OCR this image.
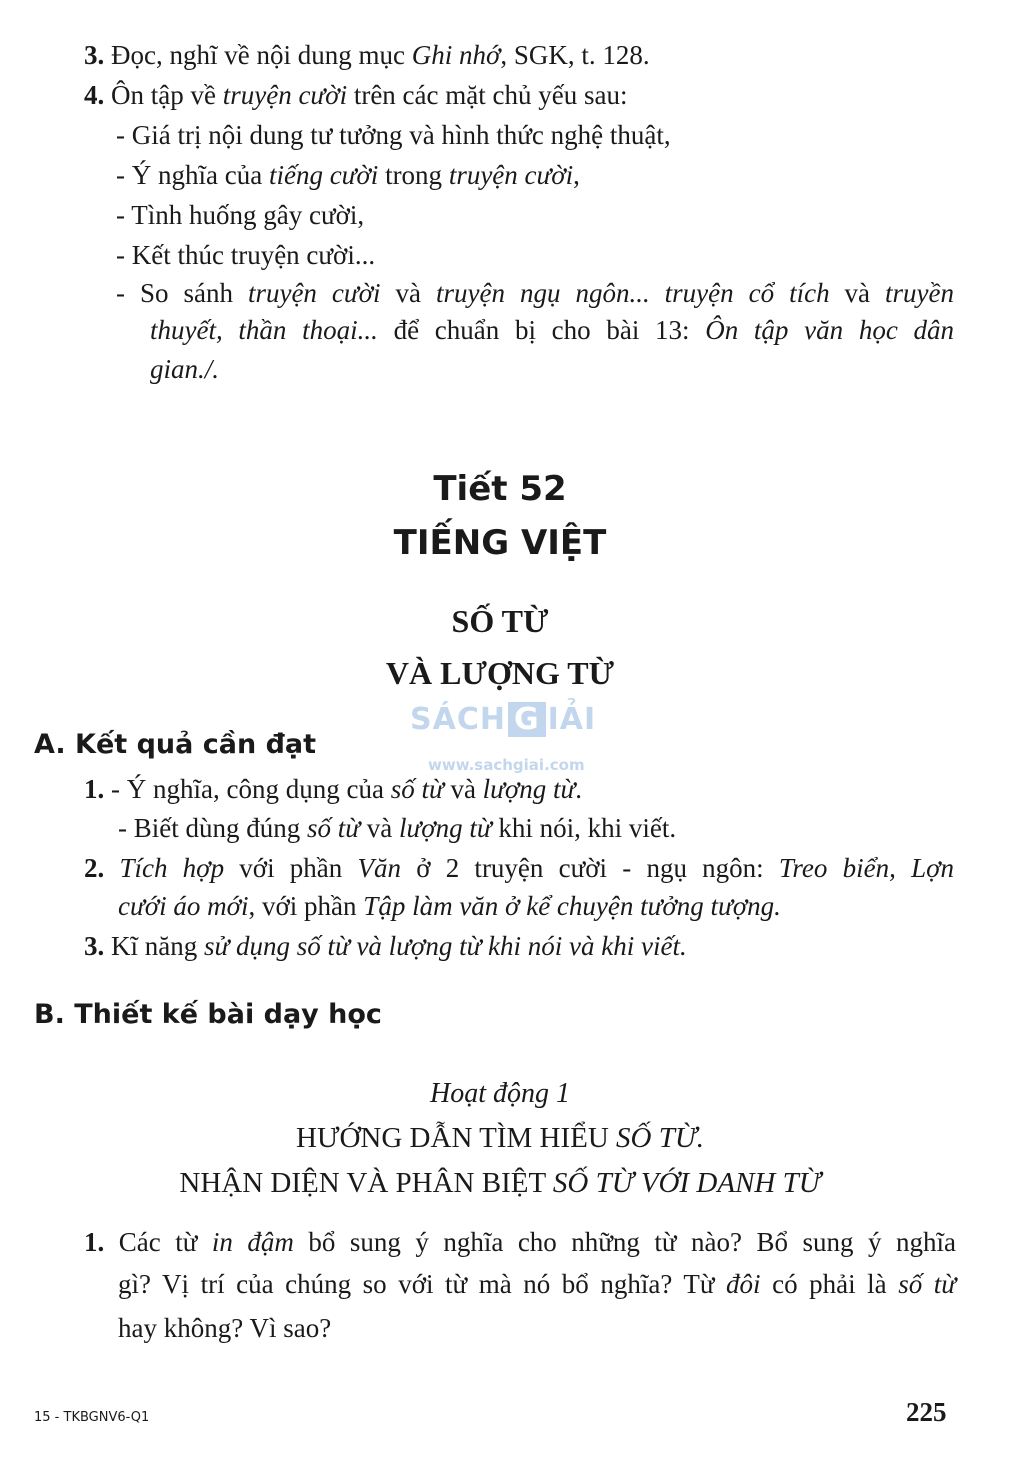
3. Đọc, nghĩ về nội dung mục Ghi nhớ, SGK, t. 128.
4. Ôn tập về truyện cười trên các mặt chủ yếu sau:
- Giá trị nội dung tư tưởng và hình thức nghệ thuật,
- Ý nghĩa của tiếng cười trong truyện cười,
- Tình huống gây cười,
- Kết thúc truyện cười...
- So sánh truyện cười và truyện ngụ ngôn... truyện cổ tích và truyền
thuyết, thần thoại... để chuẩn bị cho bài 13: Ôn tập văn học dân
gian./.
Tiết 52
TIẾNG VIỆT
SỐ TỪ
VÀ LƯỢNG TỪ
SÁCH G IẢI
www.sachgiai.com
A. Kết quả cần đạt
1. - Ý nghĩa, công dụng của số từ và lượng từ.
- Biết dùng đúng số từ và lượng từ khi nói, khi viết.
2. Tích hợp với phần Văn ở 2 truyện cười - ngụ ngôn: Treo biển, Lợn
cưới áo mới, với phần Tập làm văn ở kể chuyện tưởng tượng.
3. Kĩ năng sử dụng số từ và lượng từ khi nói và khi viết.
B. Thiết kế bài dạy học
Hoạt động 1
HƯỚNG DẪN TÌM HIỂU SỐ TỪ.
NHẬN DIỆN VÀ PHÂN BIỆT SỐ TỪ VỚI DANH TỪ
1. Các từ in đậm bổ sung ý nghĩa cho những từ nào? Bổ sung ý nghĩa
gì? Vị trí của chúng so với từ mà nó bổ nghĩa? Từ đôi có phải là số từ
hay không? Vì sao?
15 - TKBGNV6-Q1	225
